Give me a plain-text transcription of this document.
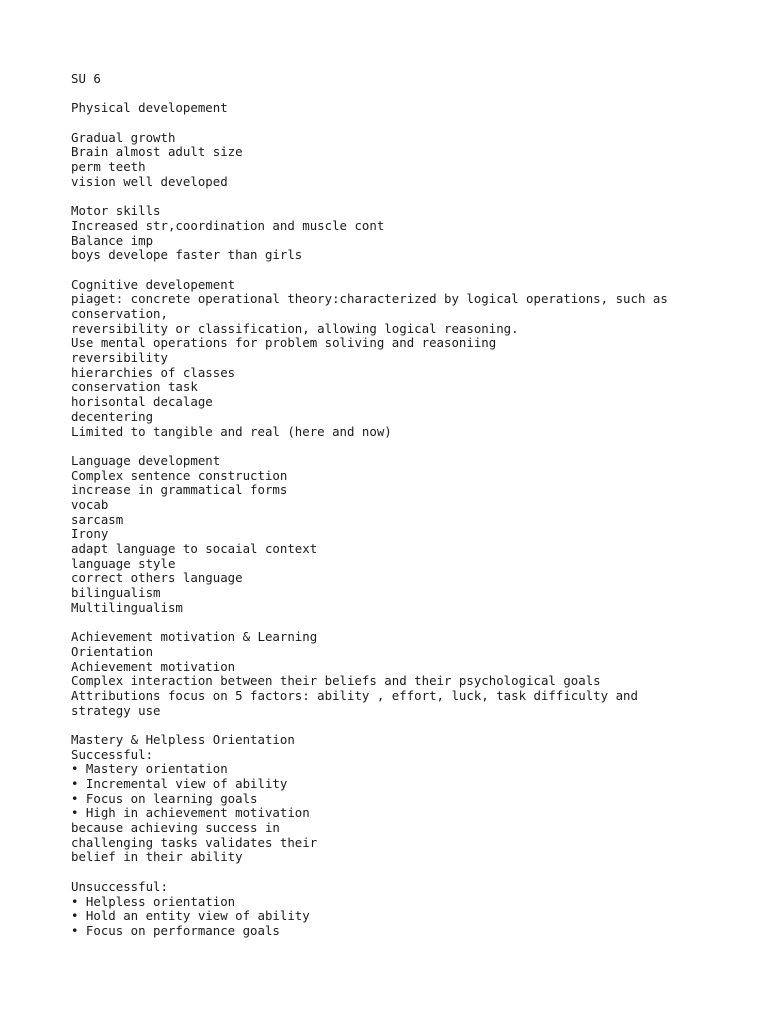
SU 6
Physical developement
Gradual growth
Brain almost adult size
perm teeth
vision well developed
Motor skills
Increased str,coordination and muscle cont
Balance imp
boys develope faster than girls
Cognitive developement
piaget: concrete operational theory:characterized by logical operations, such as
conservation,
reversibility or classification, allowing logical reasoning.
Use mental operations for problem soliving and reasoniing
reversibility
hierarchies of classes
conservation task
horisontal decalage
decentering
Limited to tangible and real (here and now)
Language development
Complex sentence construction
increase in grammatical forms
vocab
sarcasm
Irony
adapt language to socaial context
language style
correct others language
bilingualism
Multilingualism
Achievement motivation & Learning
Orientation
Achievement motivation
Complex interaction between their beliefs and their psychological goals
Attributions focus on 5 factors: ability , effort, luck, task difficulty and
strategy use
Mastery & Helpless Orientation
Successful:
• Mastery orientation
• Incremental view of ability
• Focus on learning goals
• High in achievement motivation
because achieving success in
challenging tasks validates their
belief in their ability
Unsuccessful:
• Helpless orientation
• Hold an entity view of ability
• Focus on performance goals
